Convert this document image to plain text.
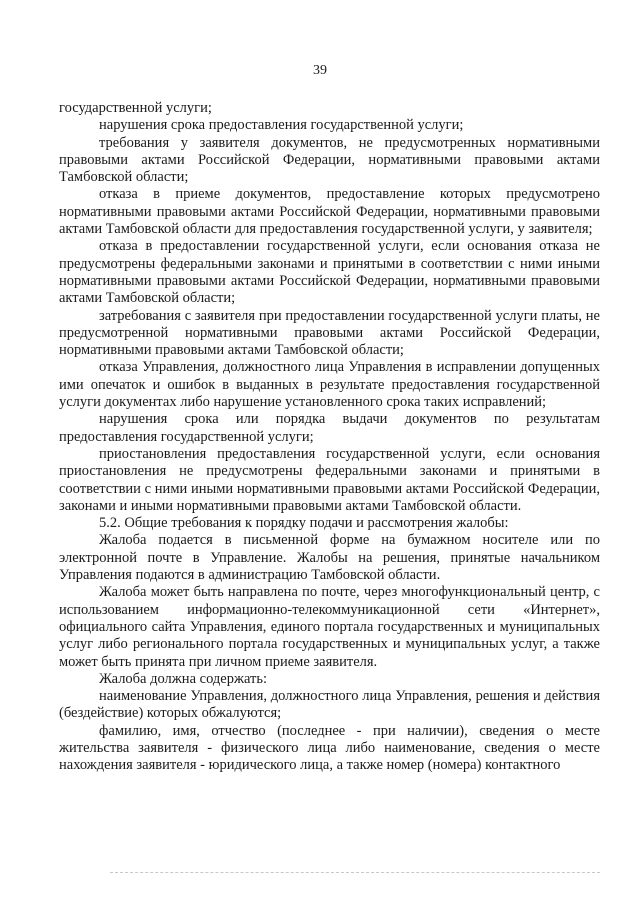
39

государственной услуги;

нарушения срока предоставления государственной услуги;

требования у заявителя документов, не предусмотренных нормативными правовыми актами Российской Федерации, нормативными правовыми актами Тамбовской области;

отказа в приеме документов, предоставление которых предусмотрено нормативными правовыми актами Российской Федерации, нормативными правовыми актами Тамбовской области для предоставления государственной услуги, у заявителя;

отказа в предоставлении государственной услуги, если основания отказа не предусмотрены федеральными законами и принятыми в соответствии с ними иными нормативными правовыми актами Российской Федерации, нормативными правовыми актами Тамбовской области;

затребования с заявителя при предоставлении государственной услуги платы, не предусмотренной нормативными правовыми актами Российской Федерации, нормативными правовыми актами Тамбовской области;

отказа Управления, должностного лица Управления в исправлении допущенных ими опечаток и ошибок в выданных в результате предоставления государственной услуги документах либо нарушение установленного срока таких исправлений;

нарушения срока или порядка выдачи документов по результатам предоставления государственной услуги;

приостановления предоставления государственной услуги, если основания приостановления не предусмотрены федеральными законами и принятыми в соответствии с ними иными нормативными правовыми актами Российской Федерации, законами и иными нормативными правовыми актами Тамбовской области.

5.2. Общие требования к порядку подачи и рассмотрения жалобы:

Жалоба подается в письменной форме на бумажном носителе или по электронной почте в Управление. Жалобы на решения, принятые начальником Управления подаются в администрацию Тамбовской области.

Жалоба может быть направлена по почте, через многофункциональный центр, с использованием информационно-телекоммуникационной сети «Интернет», официального сайта Управления, единого портала государственных и муниципальных услуг либо регионального портала государственных и муниципальных услуг, а также может быть принята при личном приеме заявителя.

Жалоба должна содержать:

наименование Управления, должностного лица Управления, решения и действия (бездействие) которых обжалуются;

фамилию, имя, отчество (последнее - при наличии), сведения о месте жительства заявителя - физического лица либо наименование, сведения о месте нахождения заявителя - юридического лица, а также номер (номера) контактного
